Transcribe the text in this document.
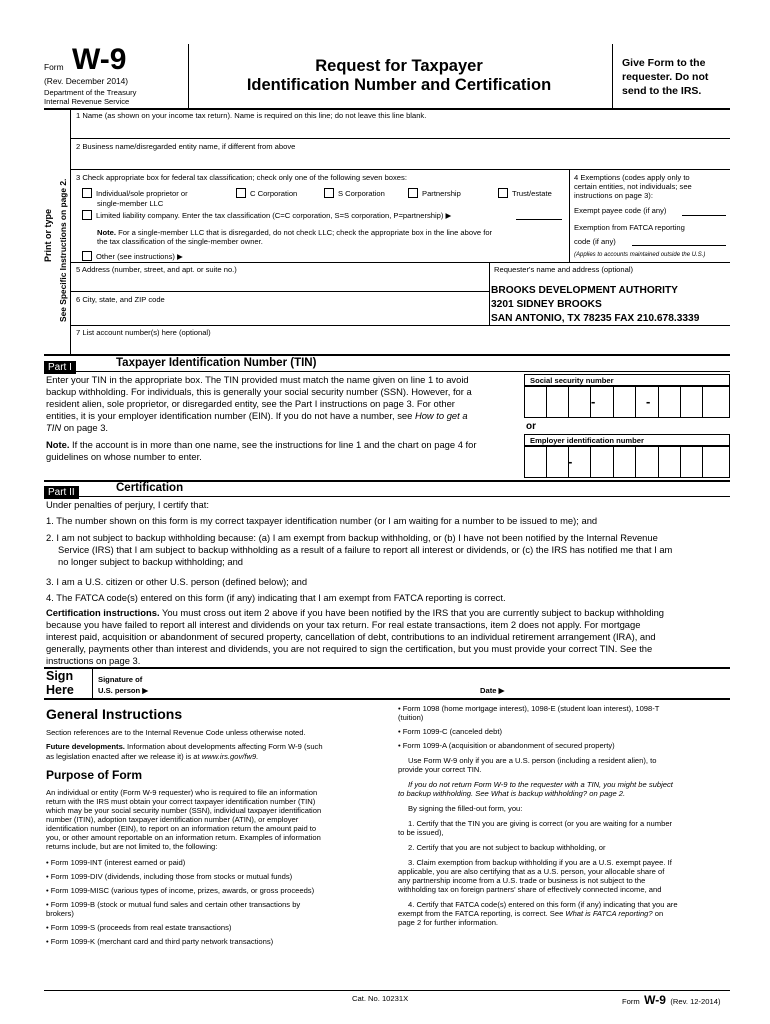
Form W-9
(Rev. December 2014)
Department of the Treasury
Internal Revenue Service
Request for Taxpayer
Identification Number and Certification
Give Form to the
requester. Do not
send to the IRS.
Print or type See Specific Instructions on page 2.
1 Name (as shown on your income tax return). Name is required on this line; do not leave this line blank.
2 Business name/disregarded entity name, if different from above
3 Check appropriate box for federal tax classification; check only one of the following seven boxes:
Individual/sole proprietor or
single-member LLC
C Corporation	S Corporation	Partnership	Trust/estate
Limited liability company. Enter the tax classification (C=C corporation, S=S corporation, P=partnership) ▶
Note. For a single-member LLC that is disregarded, do not check LLC; check the appropriate box in the line above for
the tax classification of the single-member owner.
Other (see instructions) ▶
4 Exemptions (codes apply only to
certain entities, not individuals; see
instructions on page 3):
Exempt payee code (if any)
Exemption from FATCA reporting
code (if any)
(Applies to accounts maintained outside the U.S.)
5 Address (number, street, and apt. or suite no.)	Requester's name and address (optional)
6 City, state, and ZIP code
BROOKS DEVELOPMENT AUTHORITY
3201 SIDNEY BROOKS
SAN ANTONIO, TX 78235 FAX 210.678.3339
7 List account number(s) here (optional)
Part I	Taxpayer Identification Number (TIN)
Enter your TIN in the appropriate box. The TIN provided must match the name given on line 1 to avoid
backup withholding. For individuals, this is generally your social security number (SSN). However, for a
resident alien, sole proprietor, or disregarded entity, see the Part I instructions on page 3. For other
entities, it is your employer identification number (EIN). If you do not have a number, see How to get a
TIN on page 3.
Note. If the account is in more than one name, see the instructions for line 1 and the chart on page 4 for
guidelines on whose number to enter.
Social security number
-	-
or
Employer identification number
-
Part II	Certification
Under penalties of perjury, I certify that:
1. The number shown on this form is my correct taxpayer identification number (or I am waiting for a number to be issued to me); and
2. I am not subject to backup withholding because: (a) I am exempt from backup withholding, or (b) I have not been notified by the Internal Revenue
Service (IRS) that I am subject to backup withholding as a result of a failure to report all interest or dividends, or (c) the IRS has notified me that I am
no longer subject to backup withholding; and
3. I am a U.S. citizen or other U.S. person (defined below); and
4. The FATCA code(s) entered on this form (if any) indicating that I am exempt from FATCA reporting is correct.
Certification instructions. You must cross out item 2 above if you have been notified by the IRS that you are currently subject to backup withholding
because you have failed to report all interest and dividends on your tax return. For real estate transactions, item 2 does not apply. For mortgage
interest paid, acquisition or abandonment of secured property, cancellation of debt, contributions to an individual retirement arrangement (IRA), and
generally, payments other than interest and dividends, you are not required to sign the certification, but you must provide your correct TIN. See the
instructions on page 3.
Sign
Here
Signature of
U.S. person ▶	Date ▶
General Instructions
Section references are to the Internal Revenue Code unless otherwise noted.
Future developments. Information about developments affecting Form W-9 (such
as legislation enacted after we release it) is at www.irs.gov/fw9.
Purpose of Form
An individual or entity (Form W-9 requester) who is required to file an information
return with the IRS must obtain your correct taxpayer identification number (TIN)
which may be your social security number (SSN), individual taxpayer identification
number (ITIN), adoption taxpayer identification number (ATIN), or employer
identification number (EIN), to report on an information return the amount paid to
you, or other amount reportable on an information return. Examples of information
returns include, but are not limited to, the following:
• Form 1099-INT (interest earned or paid)
• Form 1099-DIV (dividends, including those from stocks or mutual funds)
• Form 1099-MISC (various types of income, prizes, awards, or gross proceeds)
• Form 1099-B (stock or mutual fund sales and certain other transactions by
brokers)
• Form 1099-S (proceeds from real estate transactions)
• Form 1099-K (merchant card and third party network transactions)
• Form 1098 (home mortgage interest), 1098-E (student loan interest), 1098-T
(tuition)
• Form 1099-C (canceled debt)
• Form 1099-A (acquisition or abandonment of secured property)
Use Form W-9 only if you are a U.S. person (including a resident alien), to
provide your correct TIN.
If you do not return Form W-9 to the requester with a TIN, you might be subject
to backup withholding. See What is backup withholding? on page 2.
By signing the filled-out form, you:
1. Certify that the TIN you are giving is correct (or you are waiting for a number
to be issued),
2. Certify that you are not subject to backup withholding, or
3. Claim exemption from backup withholding if you are a U.S. exempt payee. If
applicable, you are also certifying that as a U.S. person, your allocable share of
any partnership income from a U.S. trade or business is not subject to the
withholding tax on foreign partners' share of effectively connected income, and
4. Certify that FATCA code(s) entered on this form (if any) indicating that you are
exempt from the FATCA reporting, is correct. See What is FATCA reporting? on
page 2 for further information.
Cat. No. 10231X	Form W-9 (Rev. 12-2014)
